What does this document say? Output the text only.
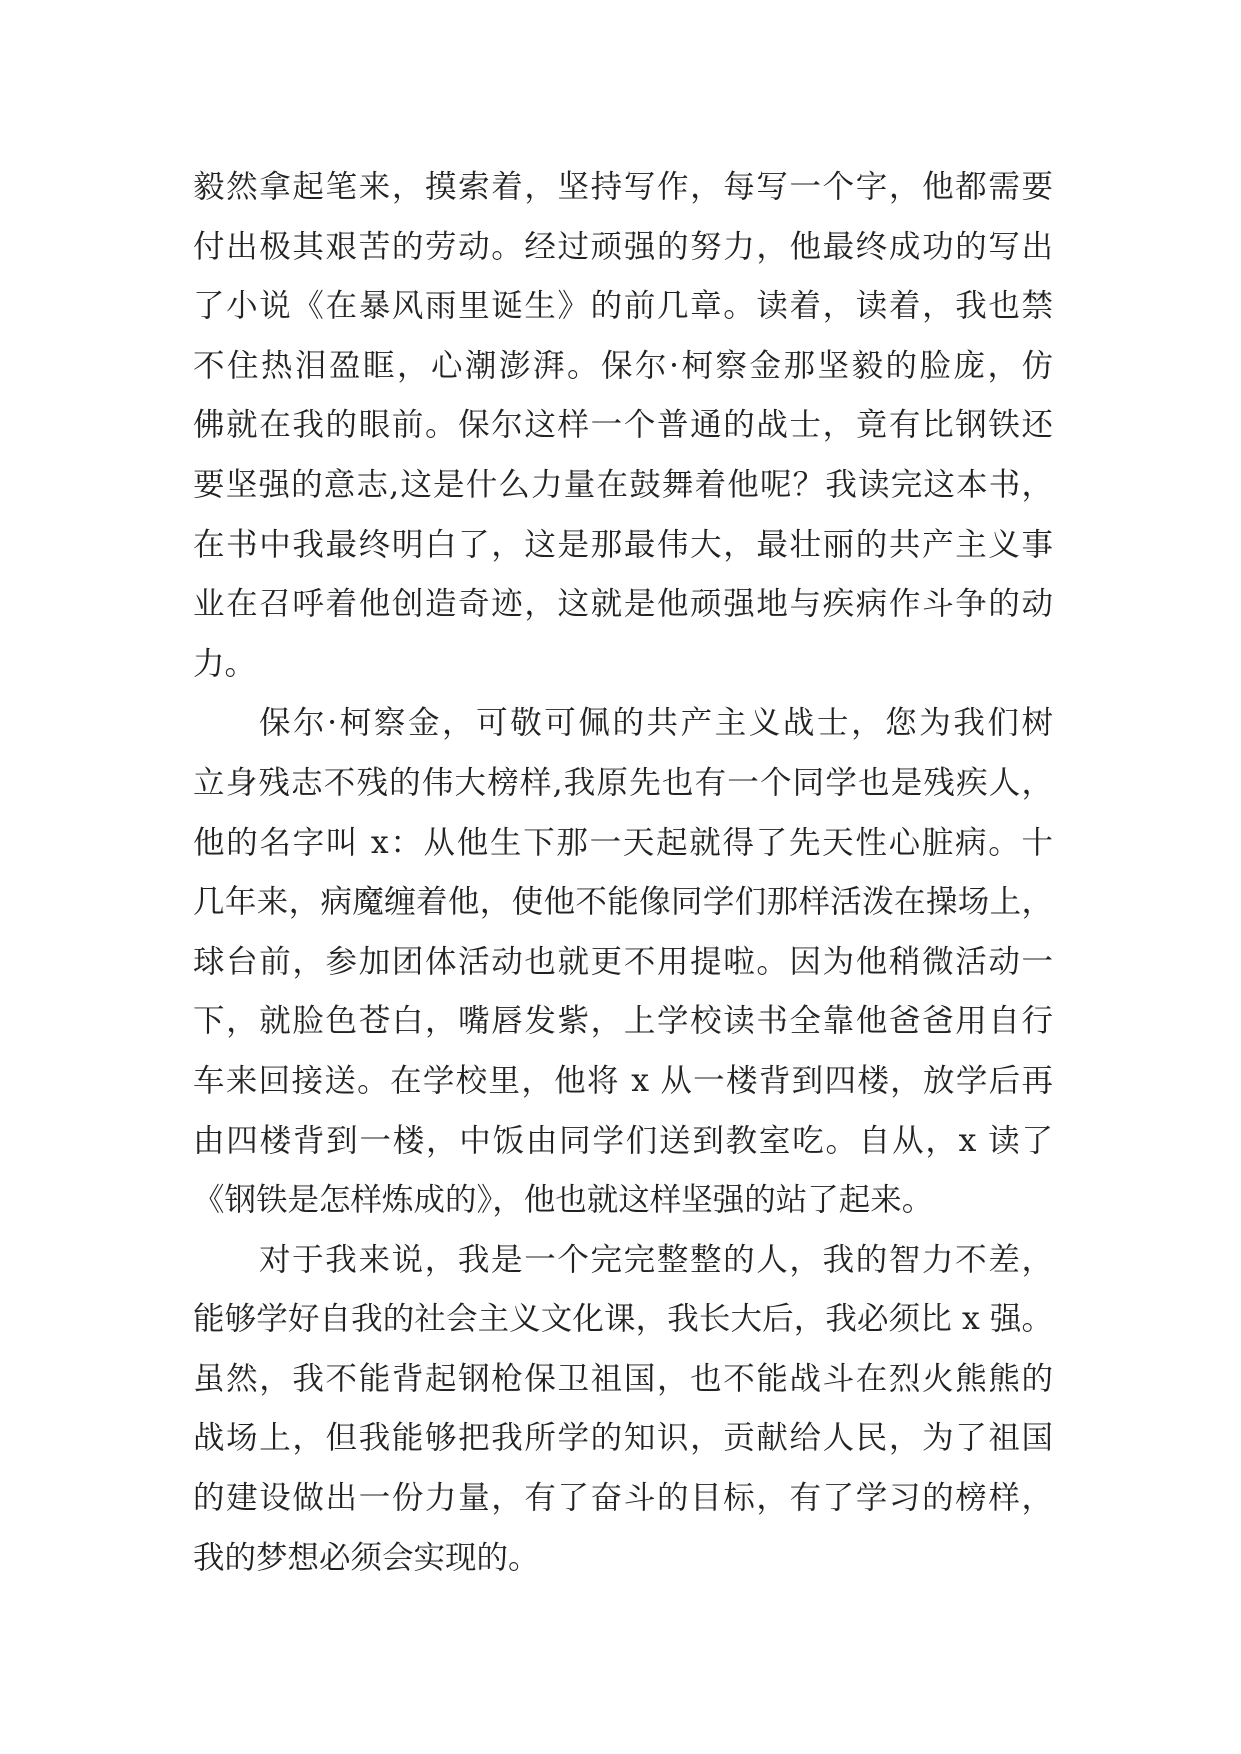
毅然拿起笔来，摸索着，坚持写作，每写一个字，他都需要
付出极其艰苦的劳动。经过顽强的努力，他最终成功的写出
了小说《在暴风雨里诞生》的前几章。读着，读着，我也禁
不住热泪盈眶，心潮澎湃。保尔·柯察金那坚毅的脸庞，仿
佛就在我的眼前。保尔这样一个普通的战士，竟有比钢铁还
要坚强的意志,这是什么力量在鼓舞着他呢？我读完这本书，
在书中我最终明白了，这是那最伟大，最壮丽的共产主义事
业在召呼着他创造奇迹，这就是他顽强地与疾病作斗争的动
力。
保尔·柯察金，可敬可佩的共产主义战士，您为我们树
立身残志不残的伟大榜样,我原先也有一个同学也是残疾人，
他的名字叫 x：从他生下那一天起就得了先天性心脏病。十
几年来，病魔缠着他，使他不能像同学们那样活泼在操场上，
球台前，参加团体活动也就更不用提啦。因为他稍微活动一
下，就脸色苍白，嘴唇发紫，上学校读书全靠他爸爸用自行
车来回接送。在学校里，他将 x 从一楼背到四楼，放学后再
由四楼背到一楼，中饭由同学们送到教室吃。自从，x 读了
《钢铁是怎样炼成的》，他也就这样坚强的站了起来。
对于我来说，我是一个完完整整的人，我的智力不差，
能够学好自我的社会主义文化课，我长大后，我必须比 x 强。
虽然，我不能背起钢枪保卫祖国，也不能战斗在烈火熊熊的
战场上，但我能够把我所学的知识，贡献给人民，为了祖国
的建设做出一份力量，有了奋斗的目标，有了学习的榜样，
我的梦想必须会实现的。
